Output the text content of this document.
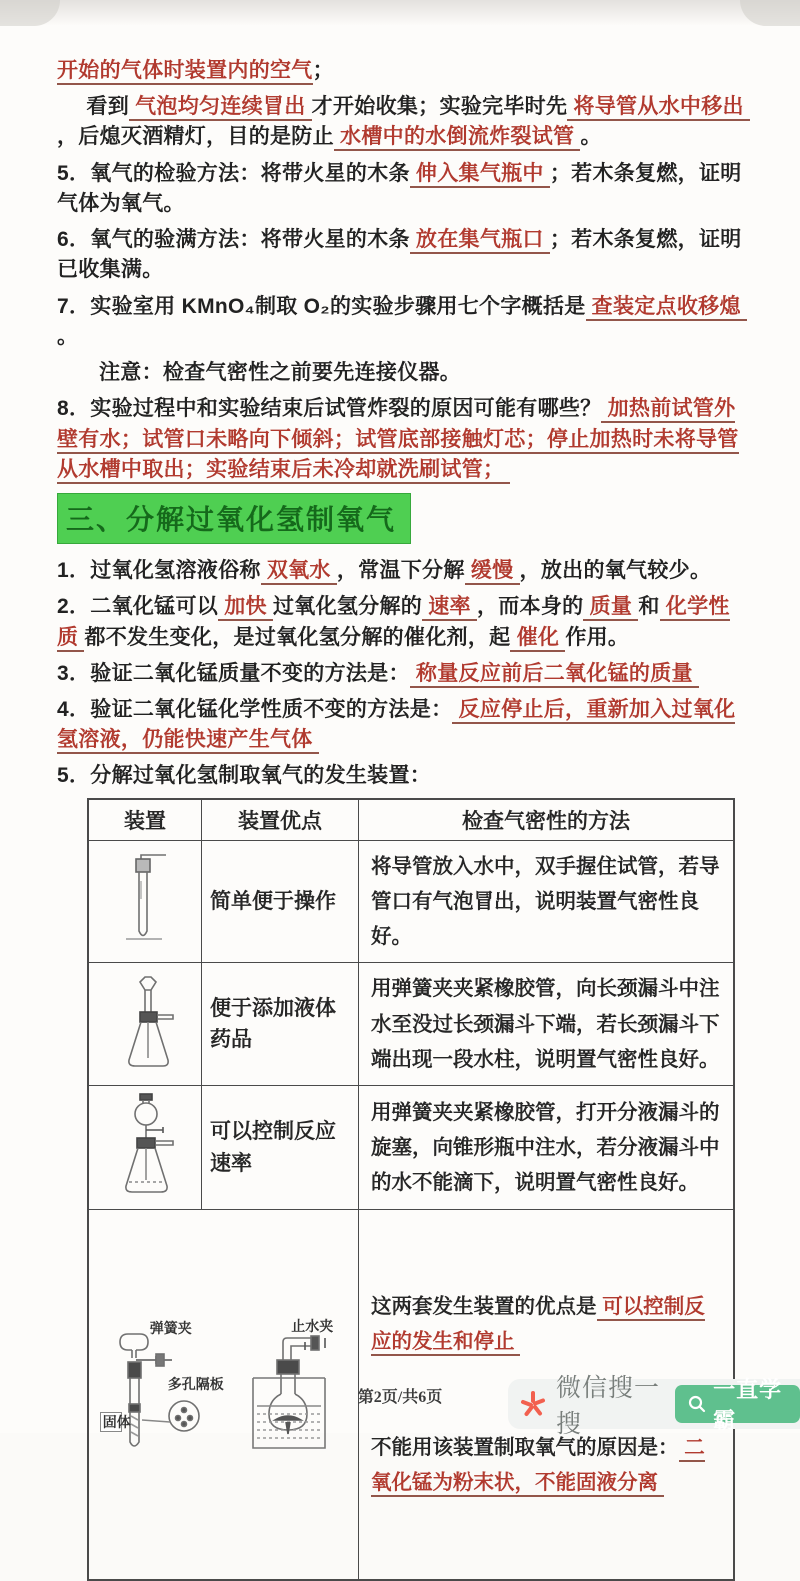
开始的气体时装置内的空气；

看到 气泡均匀连续冒出 才开始收集；实验完毕时先 将导管从水中移出 ，后熄灭酒精灯，目的是防止 水槽中的水倒流炸裂试管 。

5．氧气的检验方法：将带火星的木条 伸入集气瓶中 ；若木条复燃，证明气体为氧气。

6．氧气的验满方法：将带火星的木条 放在集气瓶口 ；若木条复燃，证明已收集满。

7．实验室用 KMnO₄制取 O₂的实验步骤用七个字概括是 查装定点收移熄 。

注意：检查气密性之前要先连接仪器。

8．实验过程中和实验结束后试管炸裂的原因可能有哪些？ 加热前试管外壁有水；试管口未略向下倾斜；试管底部接触灯芯；停止加热时未将导管从水槽中取出；实验结束后未冷却就洗刷试管；

三、分解过氧化氢制氧气

1．过氧化氢溶液俗称 双氧水 ，常温下分解 缓慢 ，放出的氧气较少。

2．二氧化锰可以 加快 过氧化氢分解的 速率 ，而本身的 质量 和 化学性质 都不发生变化，是过氧化氢分解的催化剂，起 催化 作用。

3．验证二氧化锰质量不变的方法是： 称量反应前后二氧化锰的质量

4．验证二氧化锰化学性质不变的方法是： 反应停止后，重新加入过氧化氢溶液，仍能快速产生气体

5．分解过氧化氢制取氧气的发生装置：

装置	装置优点	检查气密性的方法
	简单便于操作	将导管放入水中，双手握住试管，若导管口有气泡冒出，说明装置气密性良好。
	便于添加液体药品	用弹簧夹夹紧橡胶管，向长颈漏斗中注水至没过长颈漏斗下端，若长颈漏斗下端出现一段水柱，说明置气密性良好。
	可以控制反应速率	用弹簧夹夹紧橡胶管，打开分液漏斗的旋塞，向锥形瓶中注水，若分液漏斗中的水不能滴下，说明置气密性良好。

弹簧夹
多孔隔板
固体
止水夹

这两套发生装置的优点是 可以控制反应的发生和停止

不能用该装置制取氧气的原因是： 二氧化锰为粉末状，不能固液分离

第2页/共6页	微信搜一搜
一直学霸
